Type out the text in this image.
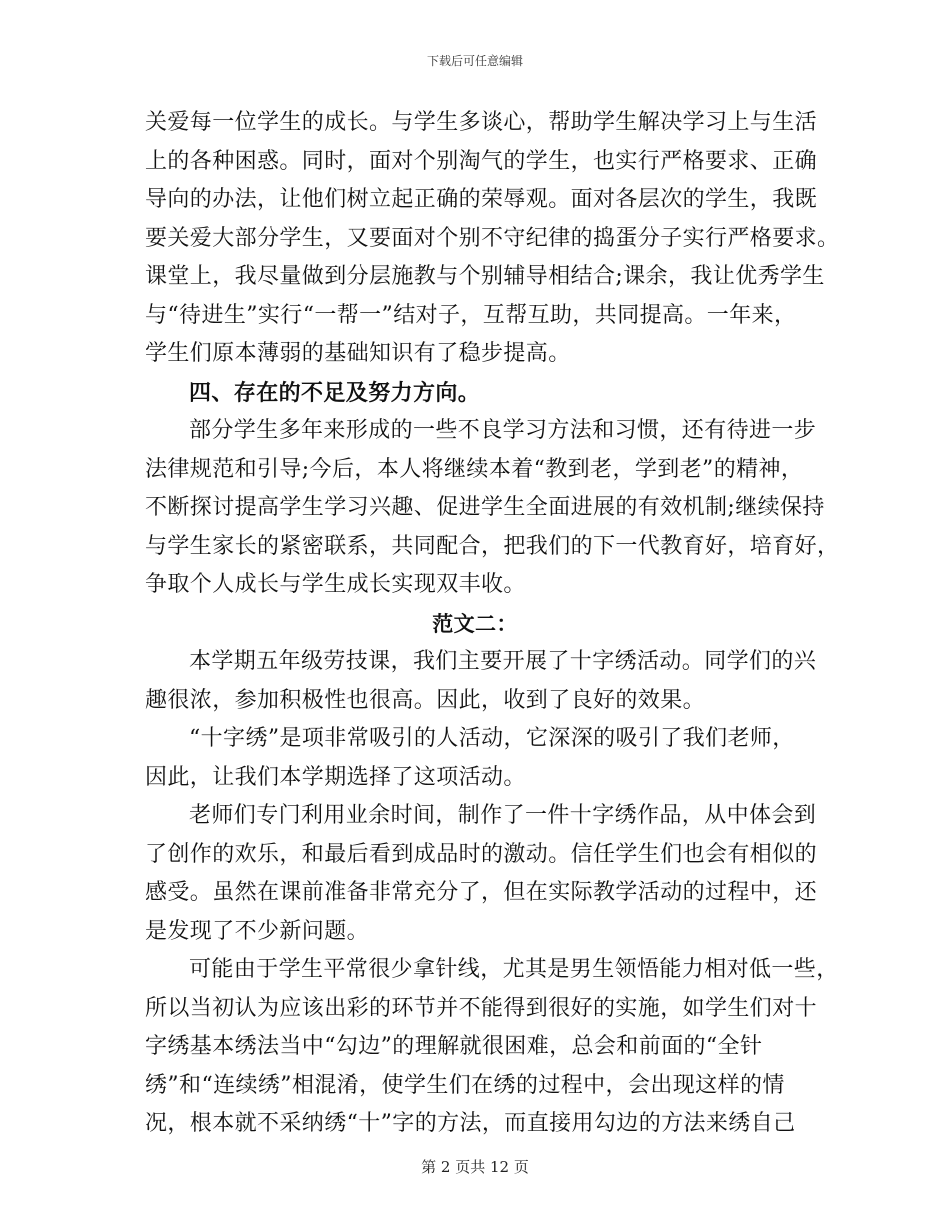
下载后可任意编辑
关爱每一位学生的成长。与学生多谈心，帮助学生解决学习上与生活
上的各种困惑。同时，面对个别淘气的学生，也实行严格要求、正确
导向的办法，让他们树立起正确的荣辱观。面对各层次的学生，我既
要关爱大部分学生，又要面对个别不守纪律的捣蛋分子实行严格要求。
课堂上，我尽量做到分层施教与个别辅导相结合;课余，我让优秀学生
与“待进生”实行“一帮一”结对子，互帮互助，共同提高。一年来，
学生们原本薄弱的基础知识有了稳步提高。
四、存在的不足及努力方向。
部分学生多年来形成的一些不良学习方法和习惯，还有待进一步
法律规范和引导;今后，本人将继续本着“教到老，学到老”的精神，
不断探讨提高学生学习兴趣、促进学生全面进展的有效机制;继续保持
与学生家长的紧密联系，共同配合，把我们的下一代教育好，培育好，
争取个人成长与学生成长实现双丰收。
范文二：
本学期五年级劳技课，我们主要开展了十字绣活动。同学们的兴
趣很浓，参加积极性也很高。因此，收到了良好的效果。
“十字绣”是项非常吸引的人活动，它深深的吸引了我们老师，
因此，让我们本学期选择了这项活动。
老师们专门利用业余时间，制作了一件十字绣作品，从中体会到
了创作的欢乐，和最后看到成品时的激动。信任学生们也会有相似的
感受。虽然在课前准备非常充分了，但在实际教学活动的过程中，还
是发现了不少新问题。
可能由于学生平常很少拿针线，尤其是男生领悟能力相对低一些，
所以当初认为应该出彩的环节并不能得到很好的实施，如学生们对十
字绣基本绣法当中“勾边”的理解就很困难，总会和前面的“全针
绣”和“连续绣”相混淆，使学生们在绣的过程中，会出现这样的情
况，根本就不采纳绣“十”字的方法，而直接用勾边的方法来绣自己
第 2 页共 12 页
